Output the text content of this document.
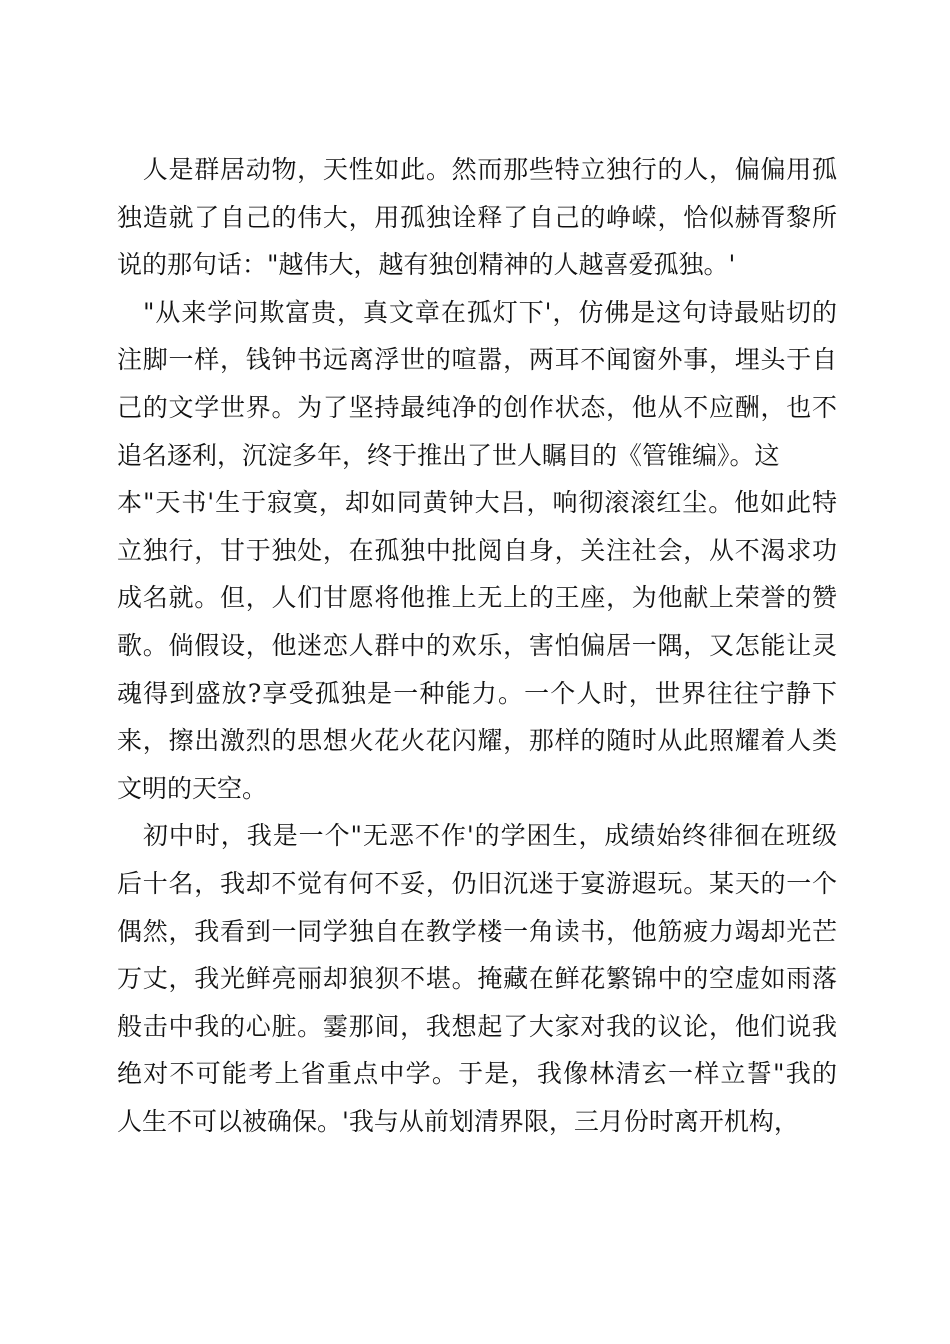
　人是群居动物，天性如此。然而那些特立独行的人，偏偏用孤
独造就了自己的伟大，用孤独诠释了自己的峥嵘，恰似赫胥黎所
说的那句话："越伟大，越有独创精神的人越喜爱孤独。'
　"从来学问欺富贵，真文章在孤灯下'，仿佛是这句诗最贴切的
注脚一样，钱钟书远离浮世的喧嚣，两耳不闻窗外事，埋头于自
己的文学世界。为了坚持最纯净的创作状态，他从不应酬，也不
追名逐利，沉淀多年，终于推出了世人瞩目的《管锥编》。这
本"天书'生于寂寞，却如同黄钟大吕，响彻滚滚红尘。他如此特
立独行，甘于独处，在孤独中批阅自身，关注社会，从不渴求功
成名就。但，人们甘愿将他推上无上的王座，为他献上荣誉的赞
歌。倘假设，他迷恋人群中的欢乐，害怕偏居一隅，又怎能让灵
魂得到盛放?享受孤独是一种能力。一个人时，世界往往宁静下
来，擦出激烈的思想火花火花闪耀，那样的随时从此照耀着人类
文明的天空。
　初中时，我是一个"无恶不作'的学困生，成绩始终徘徊在班级
后十名，我却不觉有何不妥，仍旧沉迷于宴游遐玩。某天的一个
偶然，我看到一同学独自在教学楼一角读书，他筋疲力竭却光芒
万丈，我光鲜亮丽却狼狈不堪。掩藏在鲜花繁锦中的空虚如雨落
般击中我的心脏。霎那间，我想起了大家对我的议论，他们说我
绝对不可能考上省重点中学。于是，我像林清玄一样立誓"我的
人生不可以被确保。'我与从前划清界限，三月份时离开机构，
